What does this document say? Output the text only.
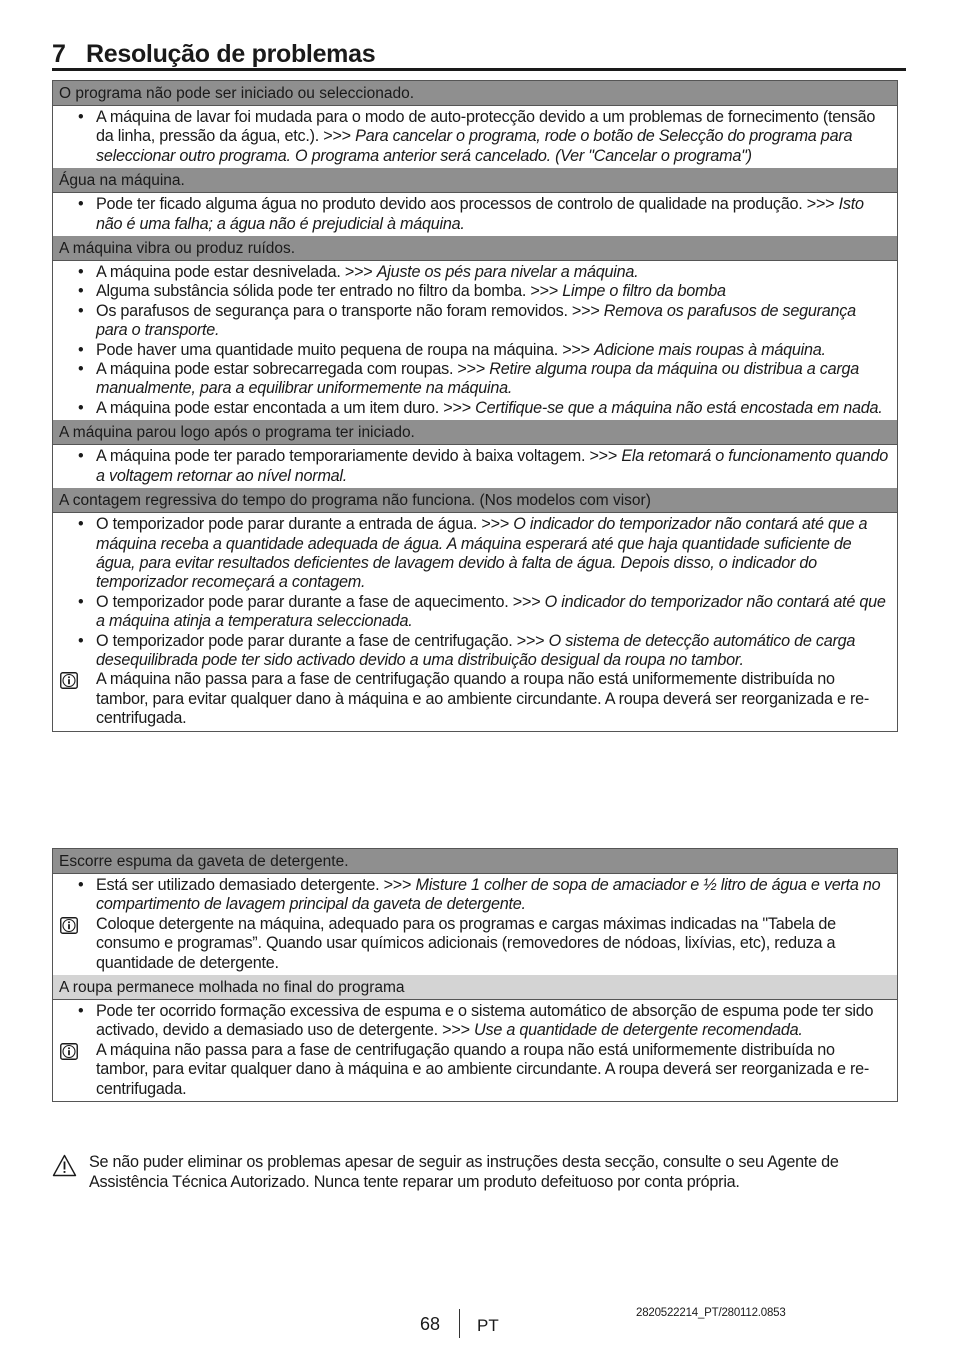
7 Resolução de problemas
O programa não pode ser iniciado ou seleccionado.
• A máquina de lavar foi mudada para o modo de auto-protecção devido a um problemas de fornecimento (tensão da linha, pressão da água, etc.). >>> Para cancelar o programa, rode o botão de Selecção do programa para seleccionar outro programa. O programa anterior será cancelado. (Ver "Cancelar o programa")
Água na máquina.
• Pode ter ficado alguma água no produto devido aos processos de controlo de qualidade na produção. >>> Isto não é uma falha; a água não é prejudicial à máquina.
A máquina vibra ou produz ruídos.
• A máquina pode estar desnivelada. >>> Ajuste os pés para nivelar a máquina.
• Alguma substância sólida pode ter entrado no filtro da bomba. >>> Limpe o filtro da bomba
• Os parafusos de segurança para o transporte não foram removidos. >>> Remova os parafusos de segurança para o transporte.
• Pode haver uma quantidade muito pequena de roupa na máquina. >>> Adicione mais roupas à máquina.
• A máquina pode estar sobrecarregada com roupas. >>> Retire alguma roupa da máquina ou distribua a carga manualmente, para a equilibrar uniformemente na máquina.
• A máquina pode estar encontada a um item duro. >>> Certifique-se que a máquina não está encostada em nada.
A máquina parou logo após o programa ter iniciado.
• A máquina pode ter parado temporariamente devido à baixa voltagem. >>> Ela retomará o funcionamento quando a voltagem retornar ao nível normal.
A contagem regressiva do tempo do programa não funciona. (Nos modelos com visor)
• O temporizador pode parar durante a entrada de água. >>> O indicador do temporizador não contará até que a máquina receba a quantidade adequada de água. A máquina esperará até que haja quantidade suficiente de água, para evitar resultados deficientes de lavagem devido à falta de água. Depois disso, o indicador do temporizador recomeçará a contagem.
• O temporizador pode parar durante a fase de aquecimento. >>> O indicador do temporizador não contará até que a máquina atinja a temperatura seleccionada.
• O temporizador pode parar durante a fase de centrifugação. >>> O sistema de detecção automático de carga desequilibrada pode ter sido activado devido a uma distribuição desigual da roupa no tambor.
A máquina não passa para a fase de centrifugação quando a roupa não está uniformemente distribuída no tambor, para evitar qualquer dano à máquina e ao ambiente circundante. A roupa deverá ser reorganizada e re-centrifugada.
Escorre espuma da gaveta de detergente.
• Está ser utilizado demasiado detergente. >>> Misture 1 colher de sopa de amaciador e ½ litro de água e verta no compartimento de lavagem principal da gaveta de detergente.
Coloque detergente na máquina, adequado para os programas e cargas máximas indicadas na "Tabela de consumo e programas”. Quando usar químicos adicionais (removedores de nódoas, lixívias, etc), reduza a quantidade de detergente.
A roupa permanece molhada no final do programa
• Pode ter ocorrido formação excessiva de espuma e o sistema automático de absorção de espuma pode ter sido activado, devido a demasiado uso de detergente. >>> Use a quantidade de detergente recomendada.
A máquina não passa para a fase de centrifugação quando a roupa não está uniformemente distribuída no tambor, para evitar qualquer dano à máquina e ao ambiente circundante. A roupa deverá ser reorganizada e re-centrifugada.
Se não puder eliminar os problemas apesar de seguir as instruções desta secção, consulte o seu Agente de Assistência Técnica Autorizado. Nunca tente reparar um produto defeituoso por conta própria.
68 PT
2820522214_PT/280112.0853
